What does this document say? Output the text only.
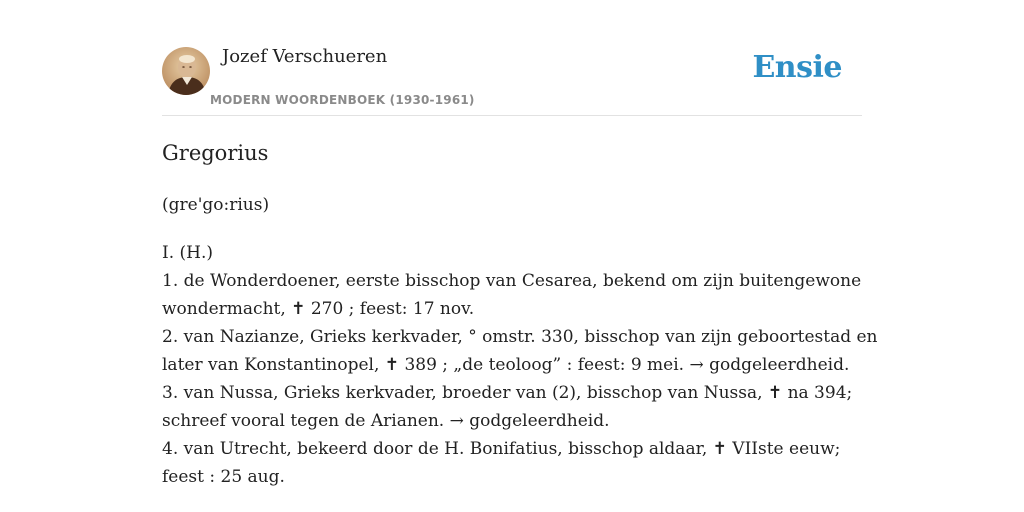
Jozef Verschueren
MODERN WOORDENBOEK (1930-1961)
Ensie
Gregorius
(gre'go:rius)
I. (H.)
1. de Wonderdoener, eerste bisschop van Cesarea, bekend om zijn buitengewone
wondermacht, ✝ 270 ; feest: 17 nov.
2. van Nazianze, Grieks kerkvader, ° omstr. 330, bisschop van zijn geboortestad en
later van Konstantinopel, ✝ 389 ; „de teoloog” : feest: 9 mei. → godgeleerdheid.
3. van Nussa, Grieks kerkvader, broeder van (2), bisschop van Nussa, ✝ na 394;
schreef vooral tegen de Arianen. → godgeleerdheid.
4. van Utrecht, bekeerd door de H. Bonifatius, bisschop aldaar, ✝ VIIste eeuw;
feest : 25 aug.
